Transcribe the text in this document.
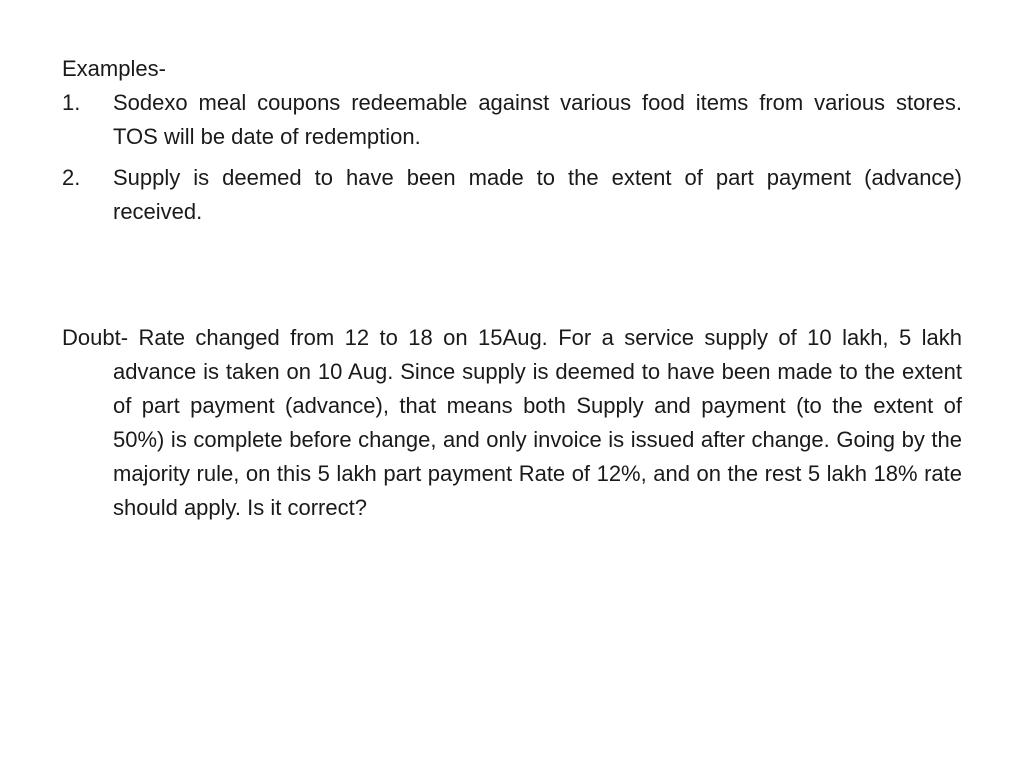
Examples-

1.	Sodexo meal coupons redeemable against various food items from various stores. TOS will be date of redemption.
2.	Supply is deemed to have been made to the extent of part payment (advance) received.

Doubt- Rate changed from 12 to 18 on 15Aug. For a service supply of 10 lakh, 5 lakh advance is taken on 10 Aug. Since supply is deemed to have been made to the extent of part payment (advance), that means both Supply and payment (to the extent of 50%) is complete before change, and only invoice is issued after change. Going by the majority rule, on this 5 lakh part payment Rate of 12%, and on the rest 5 lakh 18% rate should apply. Is it correct?
